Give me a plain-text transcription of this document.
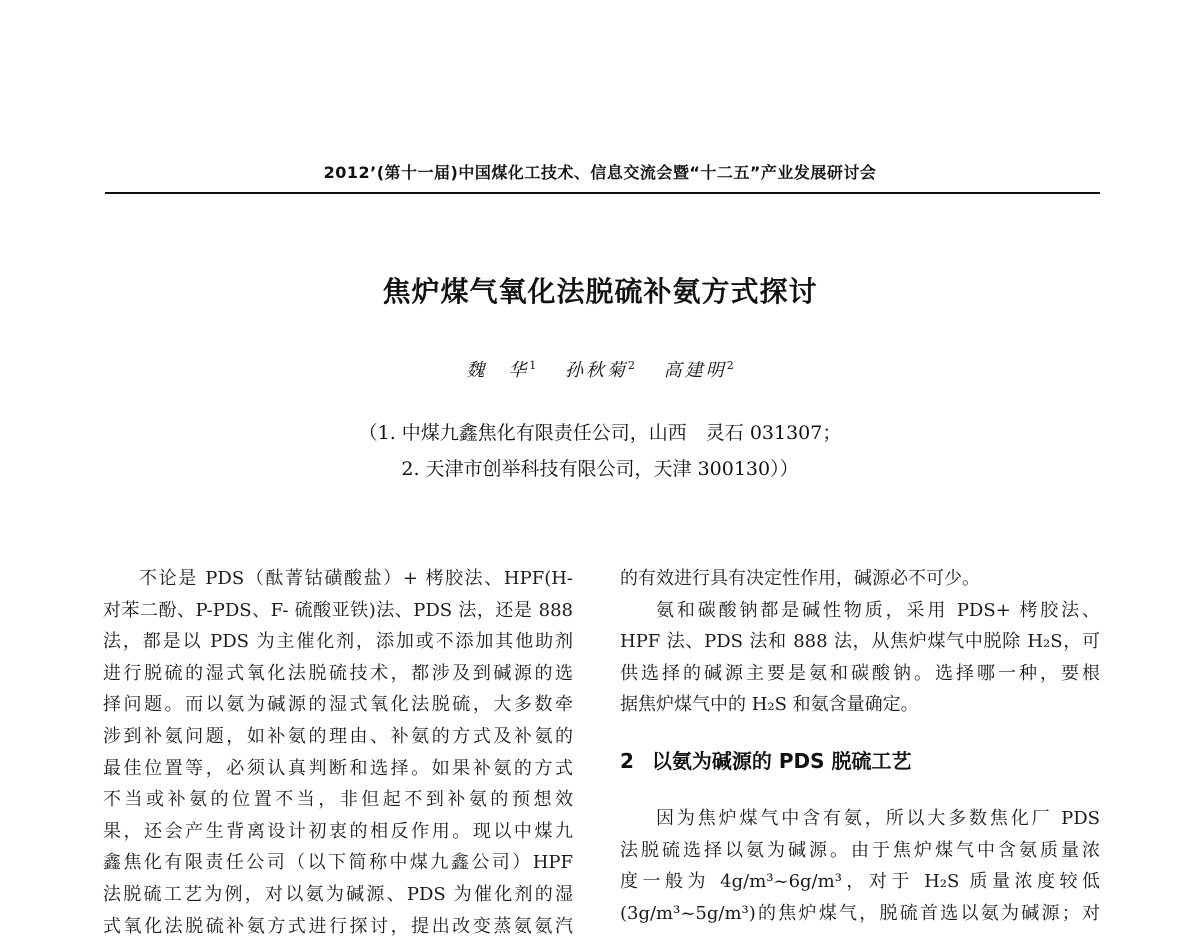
2012’(第十一届)中国煤化工技术、信息交流会暨“十二五”产业发展研讨会
焦炉煤气氧化法脱硫补氨方式探讨
魏　华$^1$ 孙秋菊$^2$ 高建明$^2$
（1. 中煤九鑫焦化有限责任公司，山西　灵石 031307；
2. 天津市创举科技有限公司，天津 300130））
不论是 PDS（酞菁钴磺酸盐）+ 栲胶法、HPF(H-
对苯二酚、P-PDS、F- 硫酸亚铁)法、PDS 法，还是 888
法，都是以 PDS 为主催化剂，添加或不添加其他助剂
进行脱硫的湿式氧化法脱硫技术，都涉及到碱源的选
择问题。而以氨为碱源的湿式氧化法脱硫，大多数牵
涉到补氨问题，如补氨的理由、补氨的方式及补氨的
最佳位置等，必须认真判断和选择。如果补氨的方式
不当或补氨的位置不当，非但起不到补氨的预想效
果，还会产生背离设计初衷的相反作用。现以中煤九
鑫焦化有限责任公司（以下简称中煤九鑫公司）HPF
法脱硫工艺为例，对以氨为碱源、PDS 为催化剂的湿
式氧化法脱硫补氨方式进行探讨，提出改变蒸氨氨汽
的有效进行具有决定性作用，碱源必不可少。
氨和碳酸钠都是碱性物质，采用 PDS+ 栲胶法、
HPF 法、PDS 法和 888 法，从焦炉煤气中脱除 H₂S，可
供选择的碱源主要是氨和碳酸钠。选择哪一种，要根
据焦炉煤气中的 H₂S 和氨含量确定。
2 以氨为碱源的 PDS 脱硫工艺
因为焦炉煤气中含有氨，所以大多数焦化厂 PDS
法脱硫选择以氨为碱源。由于焦炉煤气中含氨质量浓
度一般为 4g/m³~6g/m³，对于 H₂S 质量浓度较低
(3g/m³~5g/m³)的焦炉煤气，脱硫首选以氨为碱源；对
